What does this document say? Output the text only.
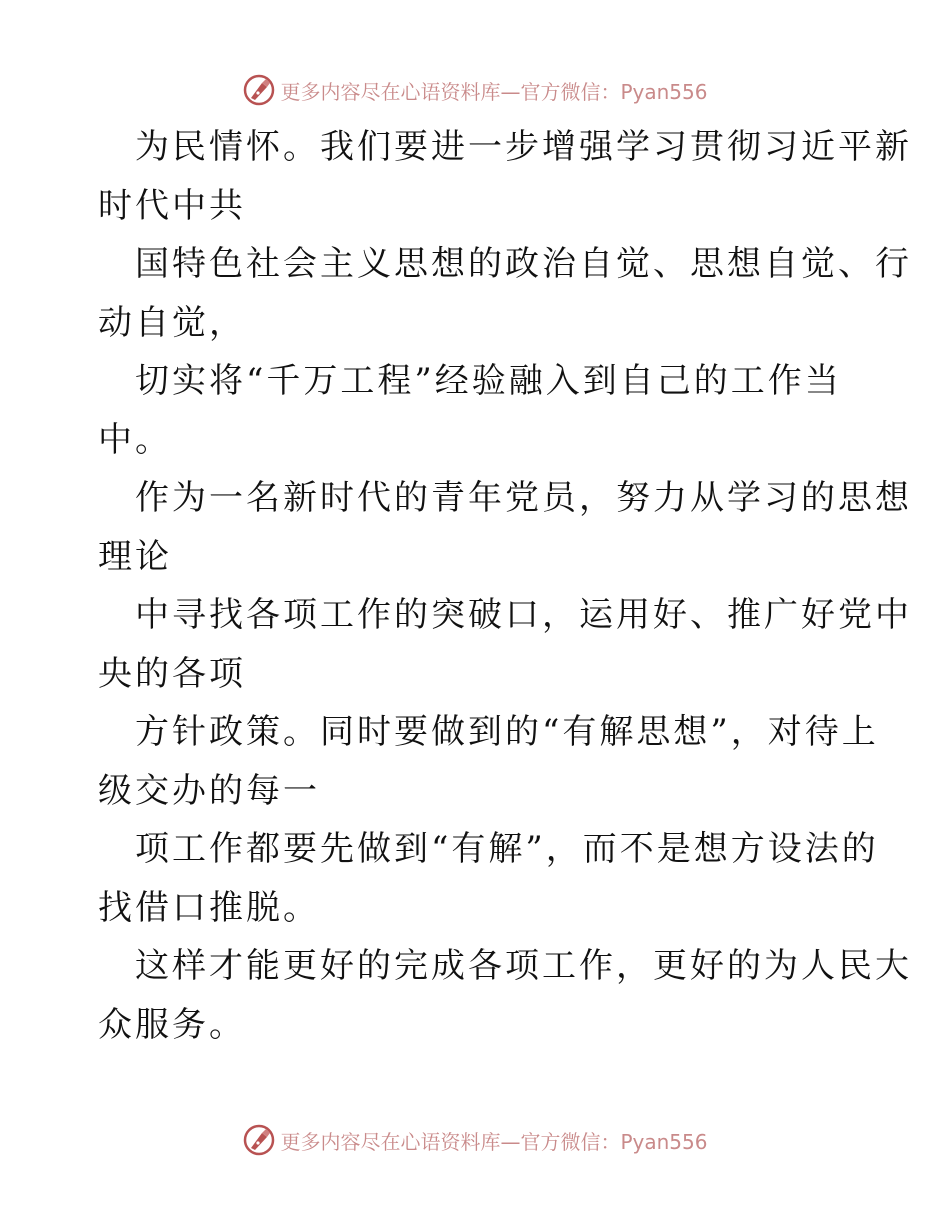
更多内容尽在心语资料库—官方微信：Pyan556
为民情怀。我们要进一步增强学习贯彻习近平新
时代中共
国特色社会主义思想的政治自觉、思想自觉、行
动自觉，
切实将“千万工程”经验融入到自己的工作当
中。
作为一名新时代的青年党员，努力从学习的思想
理论
中寻找各项工作的突破口，运用好、推广好党中
央的各项
方针政策。同时要做到的“有解思想”，对待上
级交办的每一
项工作都要先做到“有解”，而不是想方设法的
找借口推脱。
这样才能更好的完成各项工作，更好的为人民大
众服务。
更多内容尽在心语资料库—官方微信：Pyan556
